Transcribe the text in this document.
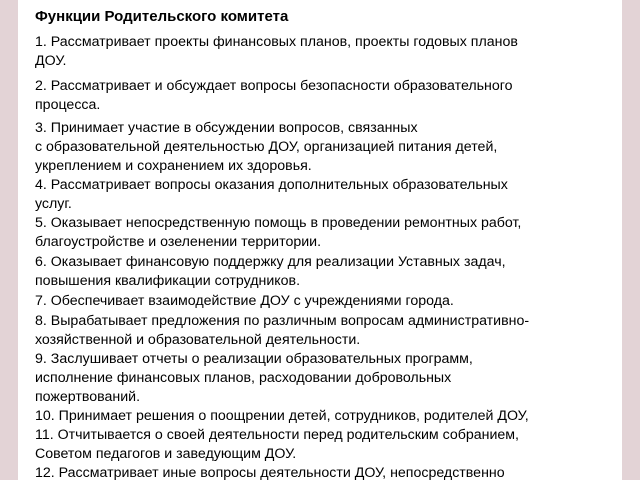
Функции Родительского комитета

1. Рассматривает проекты финансовых планов, проекты годовых планов

ДОУ.

2. Рассматривает и обсуждает вопросы безопасности образовательного

процесса.

3. Принимает участие в обсуждении вопросов, связанных

с образовательной деятельностью ДОУ, организацией питания детей,

укреплением и сохранением их здоровья.

4. Рассматривает вопросы оказания дополнительных образовательных

услуг.

5. Оказывает непосредственную помощь в проведении ремонтных работ,

благоустройстве и озеленении территории.

6. Оказывает финансовую поддержку для реализации Уставных задач,

повышения квалификации сотрудников.

7. Обеспечивает взаимодействие ДОУ с учреждениями города.

8. Вырабатывает предложения по различным вопросам административно-

хозяйственной и образовательной деятельности.

9. Заслушивает отчеты о реализации образовательных программ,

исполнение финансовых планов, расходовании добровольных

пожертвований.

10. Принимает решения о поощрении детей, сотрудников, родителей ДОУ,

11. Отчитывается о своей деятельности перед родительским собранием,

Советом педагогов и заведующим ДОУ.

12. Рассматривает иные вопросы деятельности ДОУ, непосредственно
